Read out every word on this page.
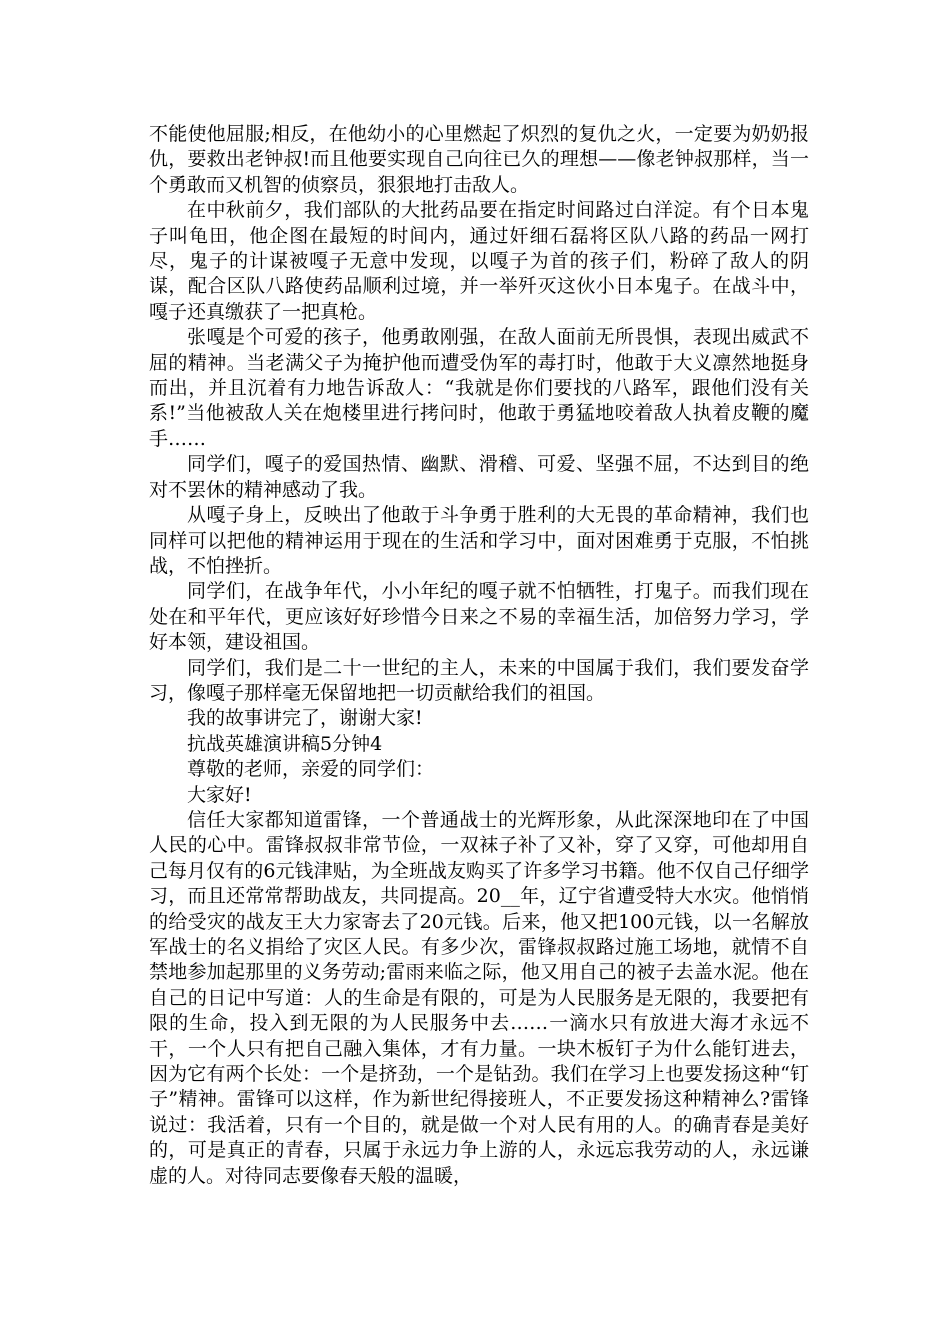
不能使他屈服;相反，在他幼小的心里燃起了炽烈的复仇之火，一定要为奶奶报仇，要救出老钟叔!而且他要实现自己向往已久的理想——像老钟叔那样，当一个勇敢而又机智的侦察员，狠狠地打击敌人。

在中秋前夕，我们部队的大批药品要在指定时间路过白洋淀。有个日本鬼子叫龟田，他企图在最短的时间内，通过奸细石磊将区队八路的药品一网打尽，鬼子的计谋被嘎子无意中发现，以嘎子为首的孩子们，粉碎了敌人的阴谋，配合区队八路使药品顺利过境，并一举歼灭这伙小日本鬼子。在战斗中，嘎子还真缴获了一把真枪。

张嘎是个可爱的孩子，他勇敢刚强，在敌人面前无所畏惧，表现出威武不屈的精神。当老满父子为掩护他而遭受伪军的毒打时，他敢于大义凛然地挺身而出，并且沉着有力地告诉敌人：“我就是你们要找的八路军，跟他们没有关系!”当他被敌人关在炮楼里进行拷问时，他敢于勇猛地咬着敌人执着皮鞭的魔手……

同学们，嘎子的爱国热情、幽默、滑稽、可爱、坚强不屈，不达到目的绝对不罢休的精神感动了我。

从嘎子身上，反映出了他敢于斗争勇于胜利的大无畏的革命精神，我们也同样可以把他的精神运用于现在的生活和学习中，面对困难勇于克服，不怕挑战，不怕挫折。

同学们，在战争年代，小小年纪的嘎子就不怕牺牲，打鬼子。而我们现在处在和平年代，更应该好好珍惜今日来之不易的幸福生活，加倍努力学习，学好本领，建设祖国。

同学们，我们是二十一世纪的主人，未来的中国属于我们，我们要发奋学习，像嘎子那样毫无保留地把一切贡献给我们的祖国。

我的故事讲完了，谢谢大家!

抗战英雄演讲稿5分钟4

尊敬的老师，亲爱的同学们：

大家好!

信任大家都知道雷锋，一个普通战士的光辉形象，从此深深地印在了中国人民的心中。雷锋叔叔非常节俭，一双袜子补了又补，穿了又穿，可他却用自己每月仅有的6元钱津贴，为全班战友购买了许多学习书籍。他不仅自己仔细学习，而且还常常帮助战友，共同提高。20__年，辽宁省遭受特大水灾。他悄悄的给受灾的战友王大力家寄去了20元钱。后来，他又把100元钱，以一名解放军战士的名义捐给了灾区人民。有多少次，雷锋叔叔路过施工场地，就情不自禁地参加起那里的义务劳动;雷雨来临之际，他又用自己的被子去盖水泥。他在自己的日记中写道：人的生命是有限的，可是为人民服务是无限的，我要把有限的生命，投入到无限的为人民服务中去……一滴水只有放进大海才永远不干，一个人只有把自己融入集体，才有力量。一块木板钉子为什么能钉进去，因为它有两个长处：一个是挤劲，一个是钻劲。我们在学习上也要发扬这种“钉子”精神。雷锋可以这样，作为新世纪得接班人，不正要发扬这种精神么?雷锋说过：我活着，只有一个目的，就是做一个对人民有用的人。的确青春是美好的，可是真正的青春，只属于永远力争上游的人，永远忘我劳动的人，永远谦虚的人。对待同志要像春天般的温暖，
